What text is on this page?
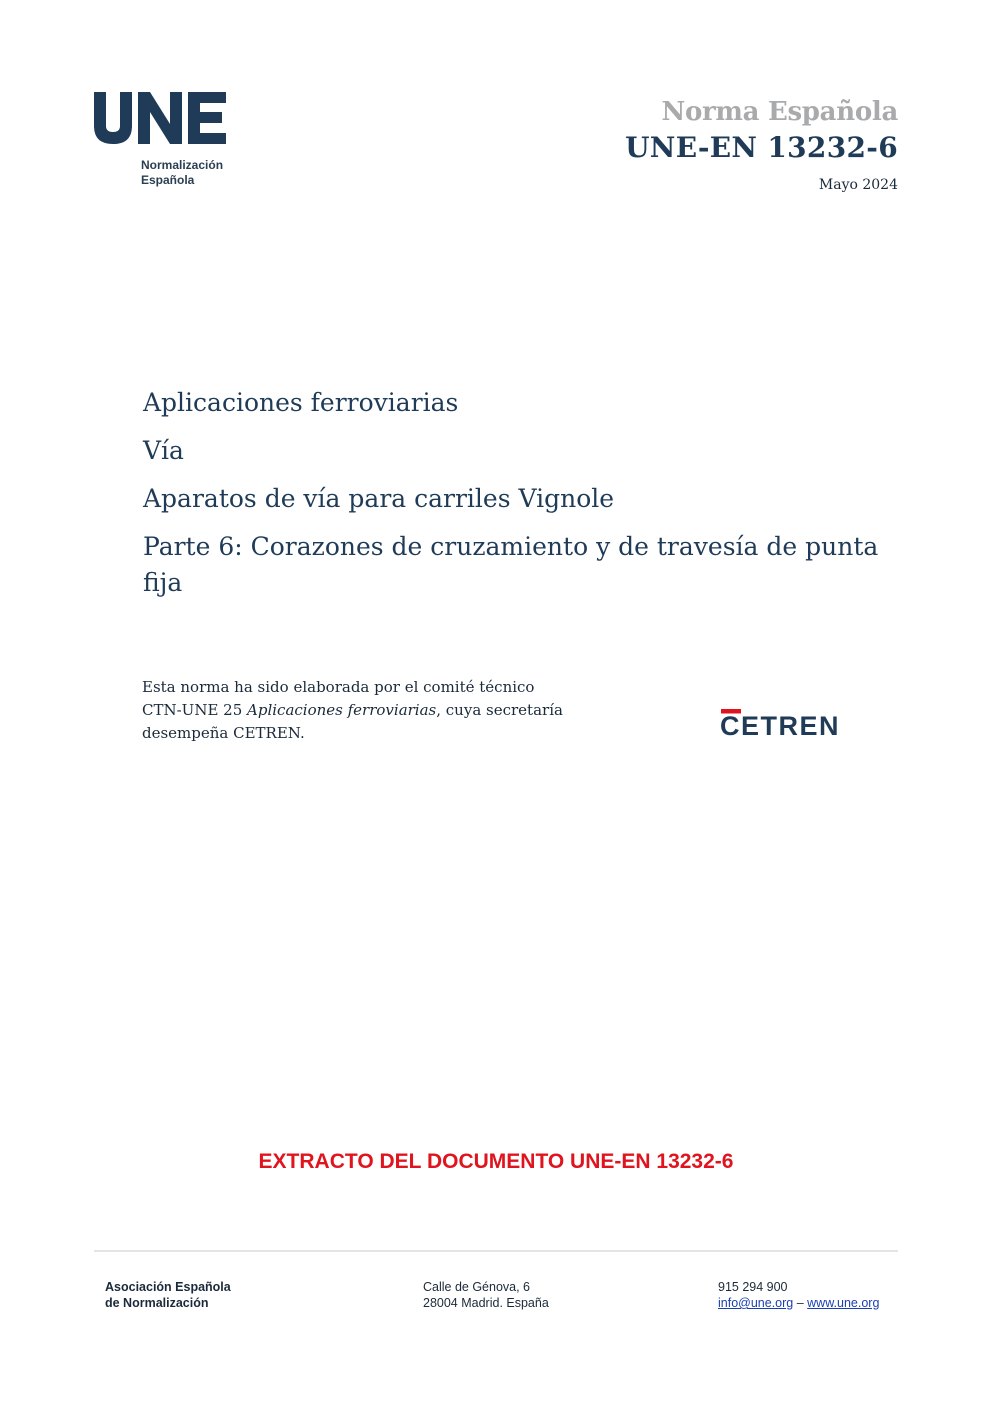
Normalización
Española
Norma Española
UNE-EN 13232-6
Mayo 2024
Aplicaciones ferroviarias
Vía
Aparatos de vía para carriles Vignole
Parte 6: Corazones de cruzamiento y de travesía de punta fija
Esta norma ha sido elaborada por el comité técnico
CTN-UNE 25 Aplicaciones ferroviarias, cuya secretaría
desempeña CETREN.	CETREN
EXTRACTO DEL DOCUMENTO UNE-EN 13232-6
Asociación Española
de Normalización
Calle de Génova, 6
28004 Madrid. España
915 294 900
info@une.org – www.une.org
